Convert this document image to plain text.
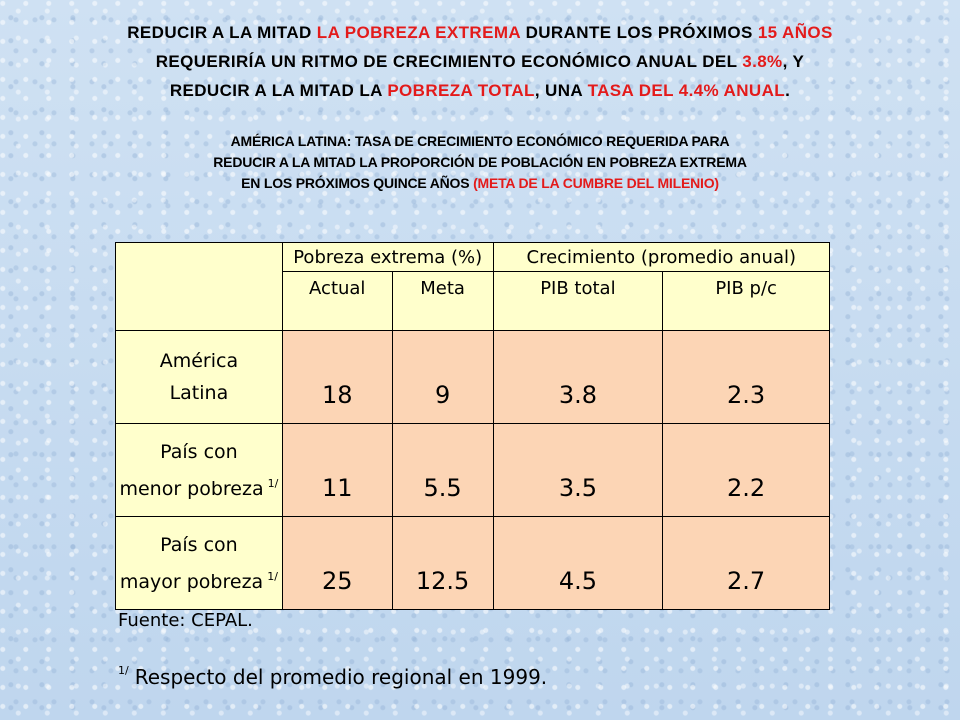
REDUCIR A LA MITAD LA POBREZA EXTREMA DURANTE LOS PRÓXIMOS 15 AÑOS
REQUERIRÍA UN RITMO DE CRECIMIENTO ECONÓMICO ANUAL DEL 3.8%, Y
REDUCIR A LA MITAD LA POBREZA TOTAL, UNA TASA DEL 4.4% ANUAL.
AMÉRICA LATINA: TASA DE CRECIMIENTO ECONÓMICO REQUERIDA PARA
REDUCIR A LA MITAD LA PROPORCIÓN DE POBLACIÓN EN POBREZA EXTREMA
EN LOS PRÓXIMOS QUINCE AÑOS (META DE LA CUMBRE DEL MILENIO)
	Pobreza extrema (%)		Crecimiento (promedio anual)	
	Actual	Meta	PIB total	PIB p/c
América
Latina	18	9	3.8	2.3
País con
menor pobreza $^{1/}$	11	5.5	3.5	2.2
País con
mayor pobreza $^{1/}$	25	12.5	4.5	2.7
Fuente: CEPAL.
$^{1/}$ Respecto del promedio regional en 1999.
